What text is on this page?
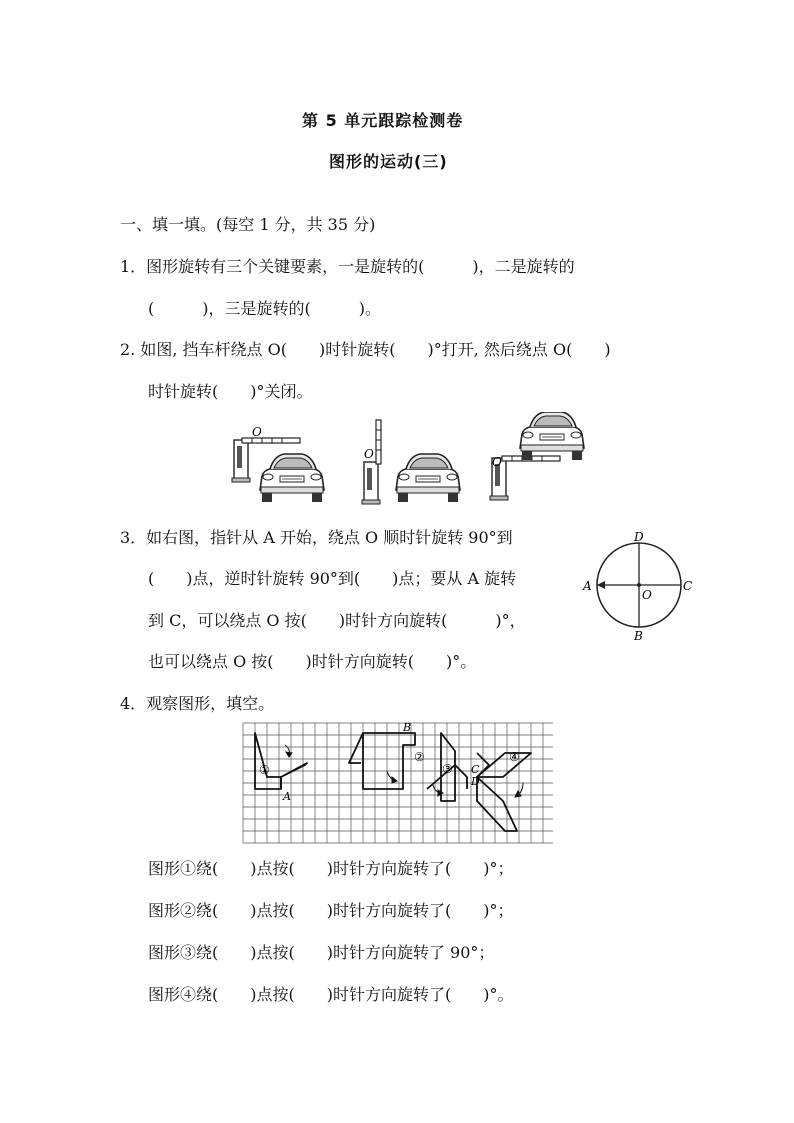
第 5 单元跟踪检测卷
图形的运动(三)
一、填一填。(每空 1 分，共 35 分)
1．图形旋转有三个关键要素，一是旋转的(　　　)，二是旋转的
(　　　)，三是旋转的(　　　)。
2. 如图, 挡车杆绕点 O(　　)时针旋转(　　)°打开, 然后绕点 O(　　)
时针旋转(　　)°关闭。
O
O
O
3．如右图，指针从 A 开始，绕点 O 顺时针旋转 90°到
(　　)点，逆时针旋转 90°到(　　)点；要从 A 旋转
到 C，可以绕点 O 按(　　)时针方向旋转(　　　)°，
也可以绕点 O 按(　　)时针方向旋转(　　)°。
D
B
A	C
O
4．观察图形，填空。
①
②
③
④
A
B
C
D
图形①绕(　　)点按(　　)时针方向旋转了(　　)°；
图形②绕(　　)点按(　　)时针方向旋转了(　　)°；
图形③绕(　　)点按(　　)时针方向旋转了 90°；
图形④绕(　　)点按(　　)时针方向旋转了(　　)°。
